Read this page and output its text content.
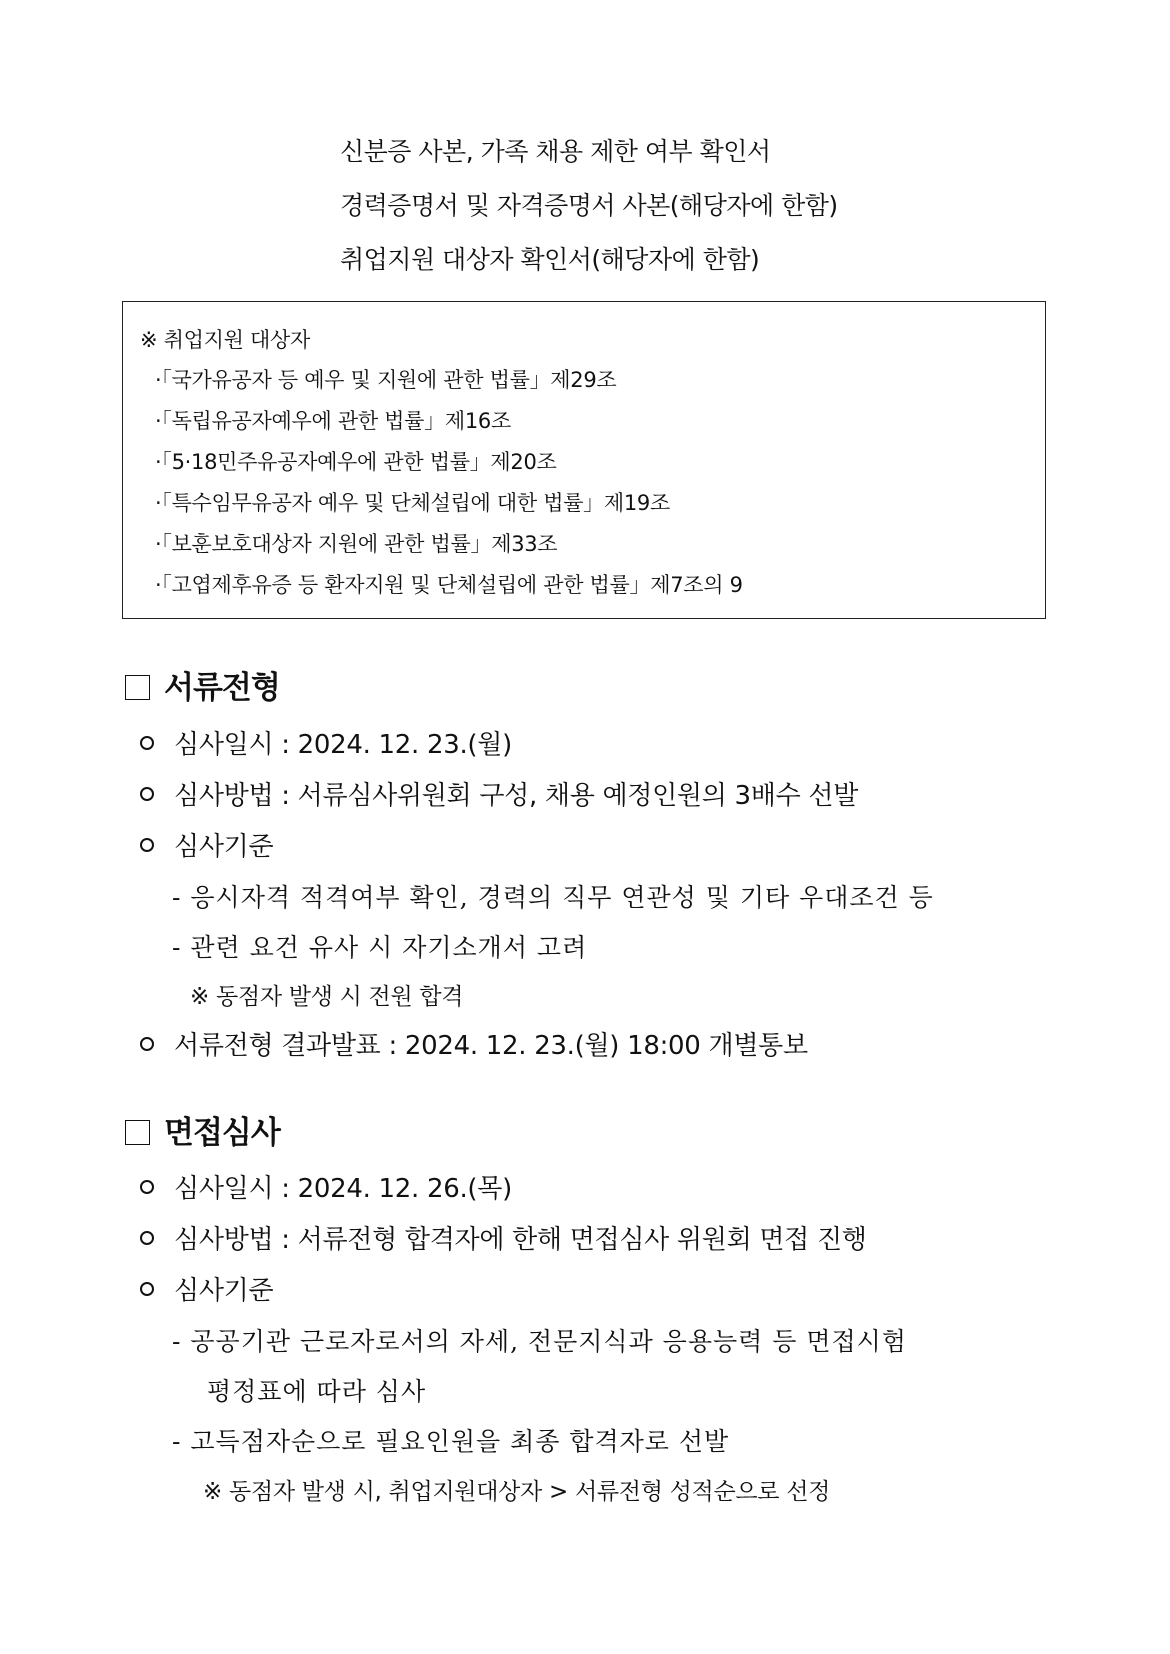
신분증 사본, 가족 채용 제한 여부 확인서
경력증명서 및 자격증명서 사본(해당자에 한함)
취업지원 대상자 확인서(해당자에 한함)
※ 취업지원 대상자
·「국가유공자 등 예우 및 지원에 관한 법률」제29조
·「독립유공자예우에 관한 법률」제16조
·「5·18민주유공자예우에 관한 법률」제20조
·「특수임무유공자 예우 및 단체설립에 대한 법률」제19조
·「보훈보호대상자 지원에 관한 법률」제33조
·「고엽제후유증 등 환자지원 및 단체설립에 관한 법률」제7조의 9
서류전형
심사일시 : 2024. 12. 23.(월)
심사방법 : 서류심사위원회 구성, 채용 예정인원의 3배수 선발
심사기준
- 응시자격 적격여부 확인, 경력의 직무 연관성 및 기타 우대조건 등
- 관련 요건 유사 시 자기소개서 고려
※ 동점자 발생 시 전원 합격
서류전형 결과발표 : 2024. 12. 23.(월) 18:00 개별통보
면접심사
심사일시 : 2024. 12. 26.(목)
심사방법 : 서류전형 합격자에 한해 면접심사 위원회 면접 진행
심사기준
- 공공기관 근로자로서의 자세, 전문지식과 응용능력 등 면접시험
평정표에 따라 심사
- 고득점자순으로 필요인원을 최종 합격자로 선발
※ 동점자 발생 시, 취업지원대상자 > 서류전형 성적순으로 선정
